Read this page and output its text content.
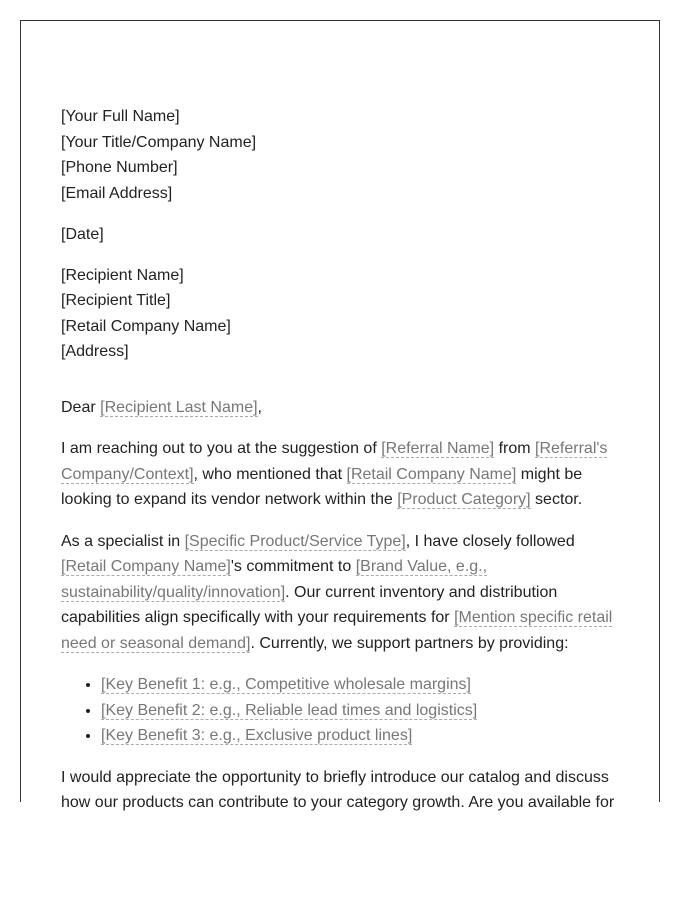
[Your Full Name]
[Your Title/Company Name]
[Phone Number]
[Email Address]
[Date]
[Recipient Name]
[Recipient Title]
[Retail Company Name]
[Address]

Dear [Recipient Last Name],

I am reaching out to you at the suggestion of [Referral Name] from [Referral's Company/Context], who mentioned that [Retail Company Name] might be looking to expand its vendor network within the [Product Category] sector.

As a specialist in [Specific Product/Service Type], I have closely followed [Retail Company Name]'s commitment to [Brand Value, e.g., sustainability/quality/innovation]. Our current inventory and distribution capabilities align specifically with your requirements for [Mention specific retail need or seasonal demand]. Currently, we support partners by providing:

• [Key Benefit 1: e.g., Competitive wholesale margins]
• [Key Benefit 2: e.g., Reliable lead times and logistics]
• [Key Benefit 3: e.g., Exclusive product lines]

I would appreciate the opportunity to briefly introduce our catalog and discuss how our products can contribute to your category growth. Are you available for
